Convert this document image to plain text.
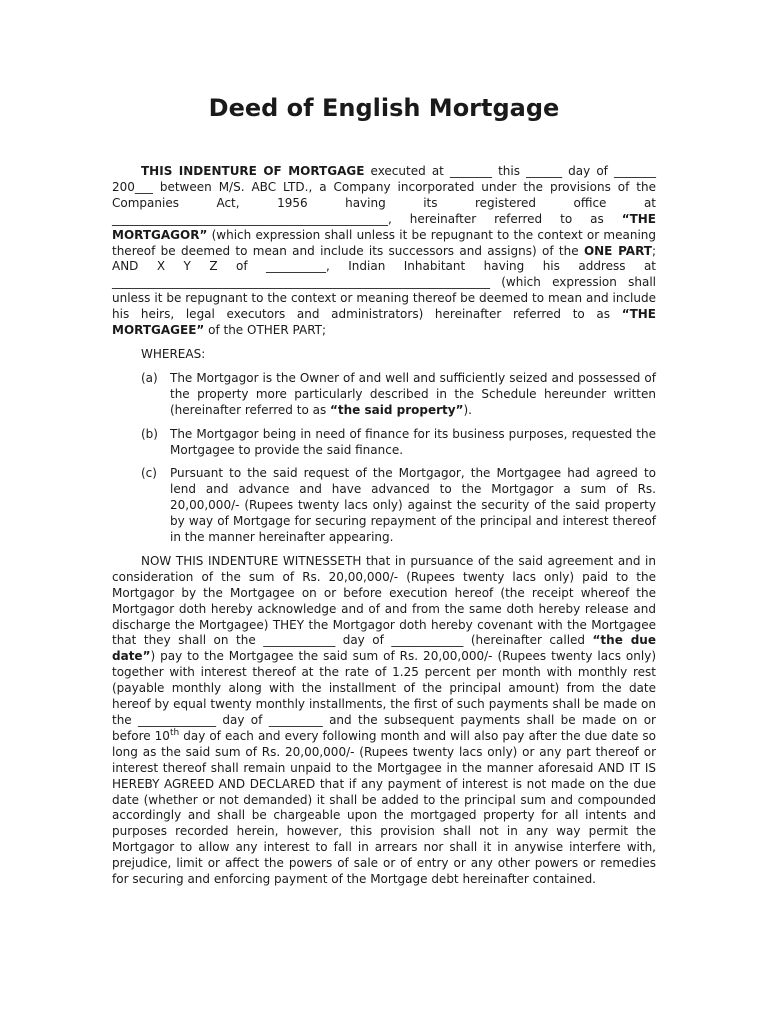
Deed of English Mortgage

THIS INDENTURE OF MORTGAGE executed at _______ this ______ day of _______ 200___ between M/S. ABC LTD., a Company incorporated under the provisions of the Companies Act, 1956 having its registered office at ______________________________________________, hereinafter referred to as “THE MORTGAGOR” (which expression shall unless it be repugnant to the context or meaning thereof be deemed to mean and include its successors and assigns) of the ONE PART; AND X Y Z of __________, Indian Inhabitant having his address at _______________________________________________________________ (which expression shall unless it be repugnant to the context or meaning thereof be deemed to mean and include his heirs, legal executors and administrators) hereinafter referred to as “THE MORTGAGEE” of the OTHER PART;

WHEREAS:

(a)	The Mortgagor is the Owner of and well and sufficiently seized and possessed of the property more particularly described in the Schedule hereunder written (hereinafter referred to as “the said property”).

(b)	The Mortgagor being in need of finance for its business purposes, requested the Mortgagee to provide the said finance.

(c)	Pursuant to the said request of the Mortgagor, the Mortgagee had agreed to lend and advance and have advanced to the Mortgagor a sum of Rs. 20,00,000/- (Rupees twenty lacs only) against the security of the said property by way of Mortgage for securing repayment of the principal and interest thereof in the manner hereinafter appearing.

NOW THIS INDENTURE WITNESSETH that in pursuance of the said agreement and in consideration of the sum of Rs. 20,00,000/- (Rupees twenty lacs only) paid to the Mortgagor by the Mortgagee on or before execution hereof (the receipt whereof the Mortgagor doth hereby acknowledge and of and from the same doth hereby release and discharge the Mortgagee) THEY the Mortgagor doth hereby covenant with the Mortgagee that they shall on the ____________ day of ____________ (hereinafter called “the due date”) pay to the Mortgagee the said sum of Rs. 20,00,000/- (Rupees twenty lacs only) together with interest thereof at the rate of 1.25 percent per month with monthly rest (payable monthly along with the installment of the principal amount) from the date hereof by equal twenty monthly installments, the first of such payments shall be made on the _____________ day of _________ and the subsequent payments shall be made on or before 10th day of each and every following month and will also pay after the due date so long as the said sum of Rs. 20,00,000/- (Rupees twenty lacs only) or any part thereof or interest thereof shall remain unpaid to the Mortgagee in the manner aforesaid AND IT IS HEREBY AGREED AND DECLARED that if any payment of interest is not made on the due date (whether or not demanded) it shall be added to the principal sum and compounded accordingly and shall be chargeable upon the mortgaged property for all intents and purposes recorded herein, however, this provision shall not in any way permit the Mortgagor to allow any interest to fall in arrears nor shall it in anywise interfere with, prejudice, limit or affect the powers of sale or of entry or any other powers or remedies for securing and enforcing payment of the Mortgage debt hereinafter contained.
